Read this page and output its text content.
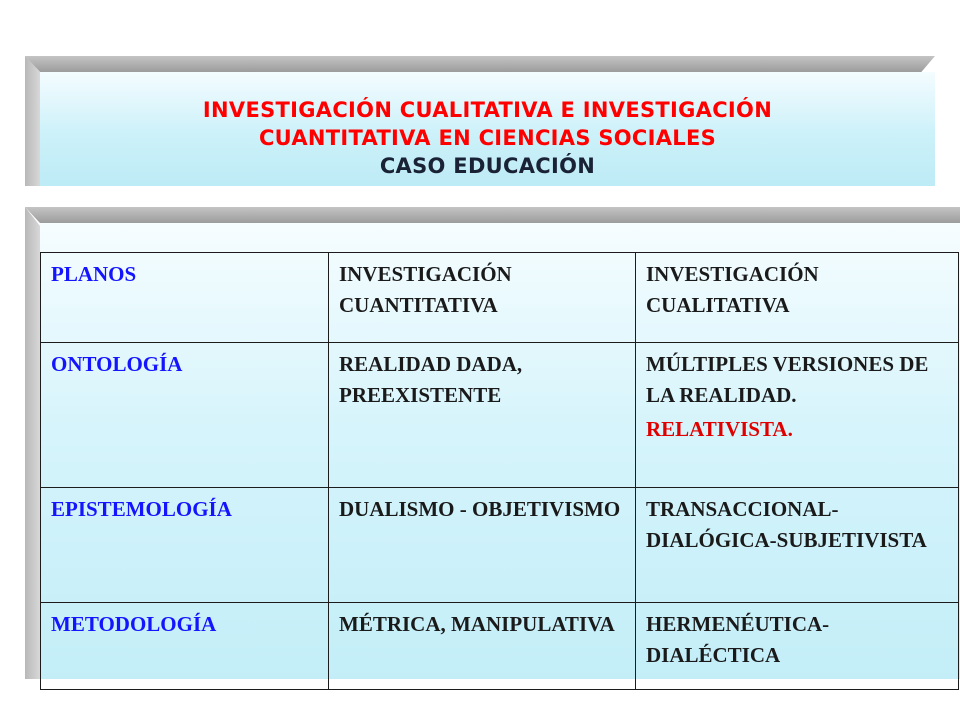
INVESTIGACIÓN CUALITATIVA E INVESTIGACIÓN
CUANTITATIVA EN CIENCIAS SOCIALES
CASO EDUCACIÓN
PLANOS	INVESTIGACIÓN CUANTITATIVA	INVESTIGACIÓN CUALITATIVA
ONTOLOGÍA	REALIDAD DADA, PREEXISTENTE	MÚLTIPLES VERSIONES DE LA REALIDAD.
RELATIVISTA.

EPISTEMOLOGÍA	DUALISMO - OBJETIVISMO	TRANSACCIONAL-DIALÓGICA-SUBJETIVISTA
METODOLOGÍA	MÉTRICA, MANIPULATIVA	HERMENÉUTICA-DIALÉCTICA
